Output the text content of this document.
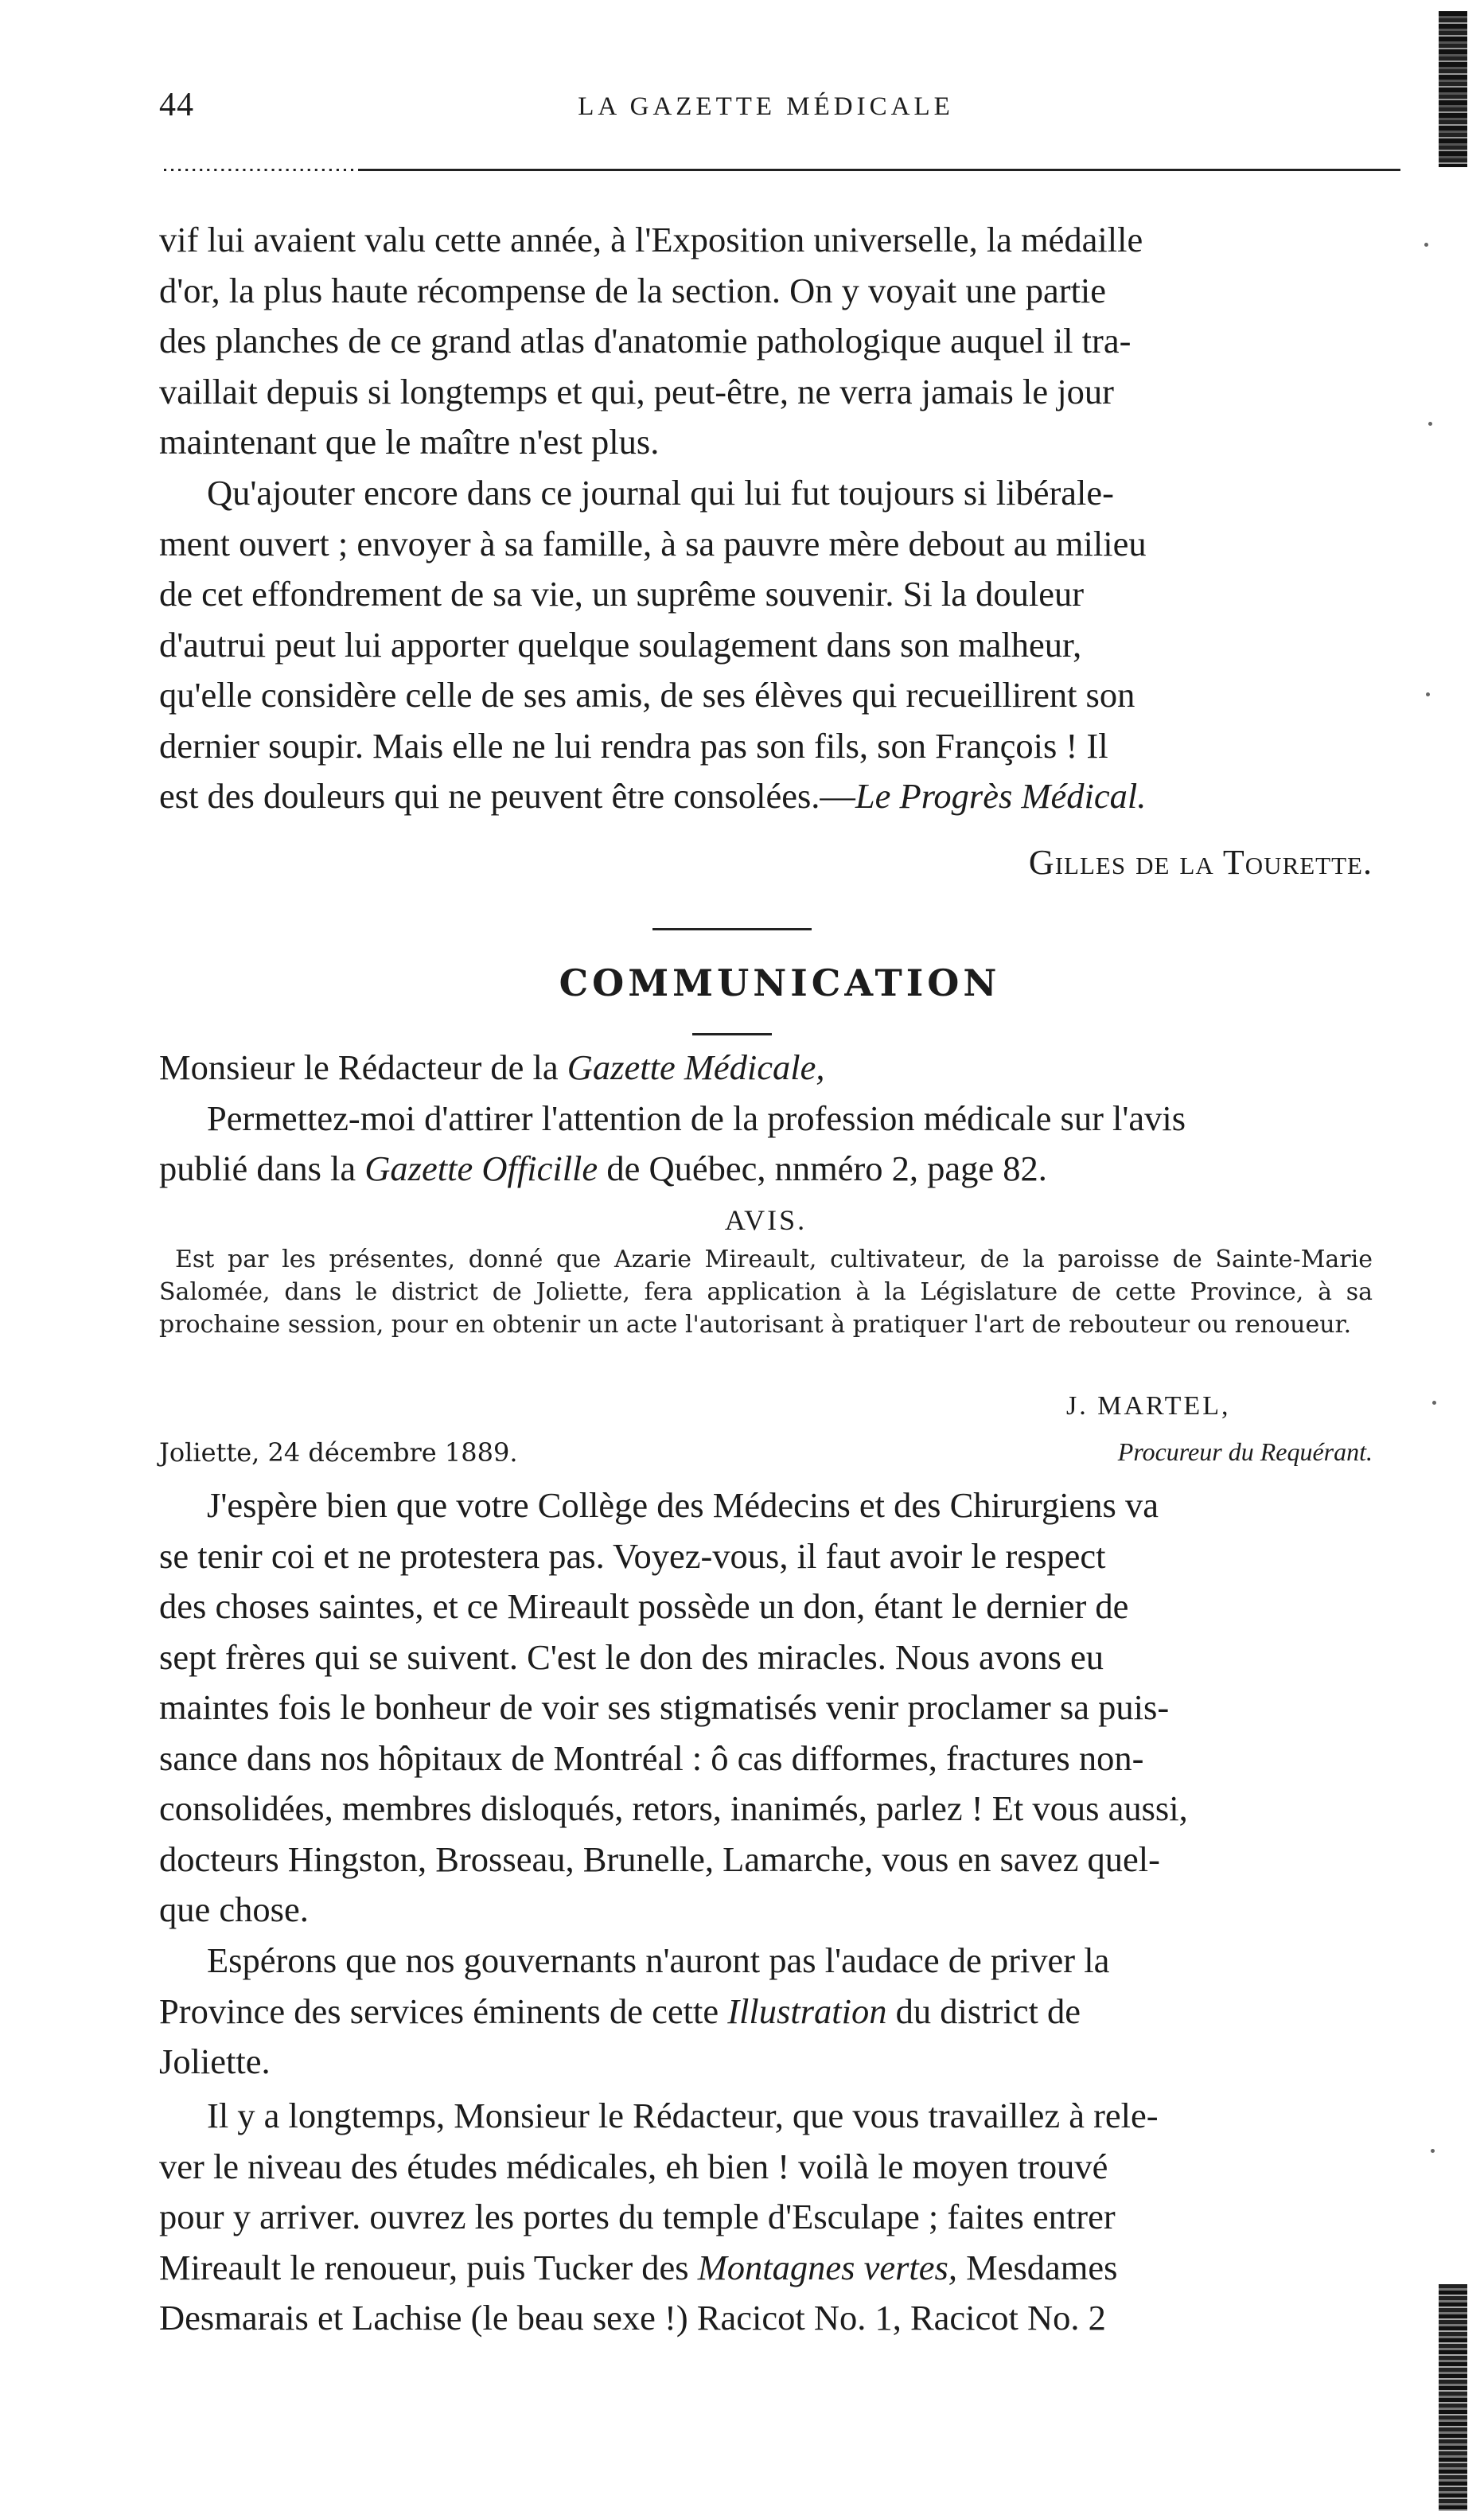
44	LA GAZETTE MÉDICALE

vif lui avaient valu cette année, à l'Exposition universelle, la médaille

d'or, la plus haute récompense de la section. On y voyait une partie

des planches de ce grand atlas d'anatomie pathologique auquel il tra-

vaillait depuis si longtemps et qui, peut-être, ne verra jamais le jour

maintenant que le maître n'est plus.

Qu'ajouter encore dans ce journal qui lui fut toujours si libérale-

ment ouvert ; envoyer à sa famille, à sa pauvre mère debout au milieu

de cet effondrement de sa vie, un suprême souvenir. Si la douleur

d'autrui peut lui apporter quelque soulagement dans son malheur,

qu'elle considère celle de ses amis, de ses élèves qui recueillirent son

dernier soupir. Mais elle ne lui rendra pas son fils, son François ! Il

est des douleurs qui ne peuvent être consolées.—Le Progrès Médical.

Gilles de la Tourette.
COMMUNICATION

Monsieur le Rédacteur de la Gazette Médicale,

Permettez-moi d'attirer l'attention de la profession médicale sur l'avis

publié dans la Gazette Officille de Québec, nnméro 2, page 82.

AVIS.
Est par les présentes, donné que Azarie Mireault, cultivateur, de la paroisse de Sainte-Marie Salomée, dans le district de Joliette, fera application à la Législature de cette Province, à sa prochaine session, pour en obtenir un acte l'autorisant à pratiquer l'art de rebouteur ou renoueur.
J. MARTEL,
Joliette, 24 décembre 1889.	Procureur du Requérant.

J'espère bien que votre Collège des Médecins et des Chirurgiens va

se tenir coi et ne protestera pas. Voyez-vous, il faut avoir le respect

des choses saintes, et ce Mireault possède un don, étant le dernier de

sept frères qui se suivent. C'est le don des miracles. Nous avons eu

maintes fois le bonheur de voir ses stigmatisés venir proclamer sa puis-

sance dans nos hôpitaux de Montréal : ô cas difformes, fractures non-

consolidées, membres disloqués, retors, inanimés, parlez ! Et vous aussi,

docteurs Hingston, Brosseau, Brunelle, Lamarche, vous en savez quel-

que chose.

Espérons que nos gouvernants n'auront pas l'audace de priver la

Province des services éminents de cette Illustration du district de

Joliette.

Il y a longtemps, Monsieur le Rédacteur, que vous travaillez à rele-

ver le niveau des études médicales, eh bien ! voilà le moyen trouvé

pour y arriver. ouvrez les portes du temple d'Esculape ; faites entrer

Mireault le renoueur, puis Tucker des Montagnes vertes, Mesdames

Desmarais et Lachise (le beau sexe !) Racicot No. 1, Racicot No. 2
